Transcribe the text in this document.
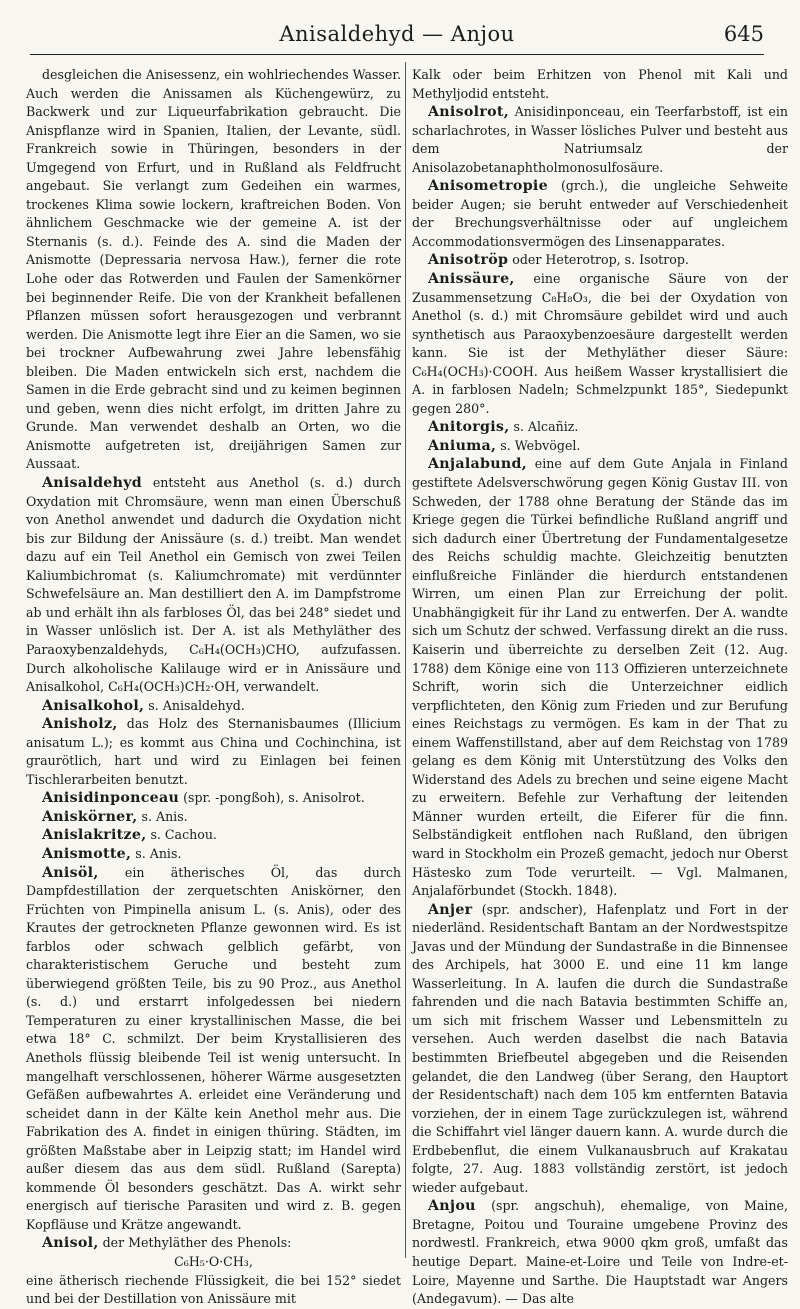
Anisaldehyd — Anjou	645

desgleichen die Anisessenz, ein wohlriechendes Wasser. Auch werden die Anissamen als Küchengewürz, zu Backwerk und zur Liqueurfabrikation gebraucht. Die Anispflanze wird in Spanien, Italien, der Levante, südl. Frankreich sowie in Thüringen, besonders in der Umgegend von Erfurt, und in Rußland als Feldfrucht angebaut. Sie verlangt zum Gedeihen ein warmes, trockenes Klima sowie lockern, kraftreichen Boden. Von ähnlichem Geschmacke wie der gemeine A. ist der Sternanis (s. d.). Feinde des A. sind die Maden der Anismotte (Depressaria nervosa Haw.), ferner die rote Lohe oder das Rotwerden und Faulen der Samenkörner bei beginnender Reife. Die von der Krankheit befallenen Pflanzen müssen sofort herausgezogen und verbrannt werden. Die Anismotte legt ihre Eier an die Samen, wo sie bei trockner Aufbewahrung zwei Jahre lebensfähig bleiben. Die Maden entwickeln sich erst, nachdem die Samen in die Erde gebracht sind und zu keimen beginnen und geben, wenn dies nicht erfolgt, im dritten Jahre zu Grunde. Man verwendet deshalb an Orten, wo die Anismotte aufgetreten ist, dreijährigen Samen zur Aussaat.

Anisaldehyd entsteht aus Anethol (s. d.) durch Oxydation mit Chromsäure, wenn man einen Überschuß von Anethol anwendet und dadurch die Oxydation nicht bis zur Bildung der Anissäure (s. d.) treibt. Man wendet dazu auf ein Teil Anethol ein Gemisch von zwei Teilen Kaliumbichromat (s. Kaliumchromate) mit verdünnter Schwefelsäure an. Man destilliert den A. im Dampfstrome ab und erhält ihn als farbloses Öl, das bei 248° siedet und in Wasser unlöslich ist. Der A. ist als Methyläther des Paraoxybenzaldehyds, C₆H₄(OCH₃)CHO, aufzufassen. Durch alkoholische Kalilauge wird er in Anissäure und Anisalkohol, C₆H₄(OCH₃)CH₂·OH, verwandelt.

Anisalkohol, s. Anisaldehyd.

Anisholz, das Holz des Sternanisbaumes (Illicium anisatum L.); es kommt aus China und Cochinchina, ist graurötlich, hart und wird zu Einlagen bei feinen Tischlerarbeiten benutzt.

Anisidinponceau (spr. -pongßoh), s. Anisolrot.

Aniskörner, s. Anis.

Anislakritze, s. Cachou.

Anismotte, s. Anis.

Anisöl, ein ätherisches Öl, das durch Dampfdestillation der zerquetschten Aniskörner, den Früchten von Pimpinella anisum L. (s. Anis), oder des Krautes der getrockneten Pflanze gewonnen wird. Es ist farblos oder schwach gelblich gefärbt, von charakteristischem Geruche und besteht zum überwiegend größten Teile, bis zu 90 Proz., aus Anethol (s. d.) und erstarrt infolgedessen bei niedern Temperaturen zu einer krystallinischen Masse, die bei etwa 18° C. schmilzt. Der beim Krystallisieren des Anethols flüssig bleibende Teil ist wenig untersucht. In mangelhaft verschlossenen, höherer Wärme ausgesetzten Gefäßen aufbewahrtes A. erleidet eine Veränderung und scheidet dann in der Kälte kein Anethol mehr aus. Die Fabrikation des A. findet in einigen thüring. Städten, im größten Maßstabe aber in Leipzig statt; im Handel wird außer diesem das aus dem südl. Rußland (Sarepta) kommende Öl besonders geschätzt. Das A. wirkt sehr energisch auf tierische Parasiten und wird z. B. gegen Kopfläuse und Krätze angewandt.

Anisol, der Methyläther des Phenols:

C₆H₅·O·CH₃,

eine ätherisch riechende Flüssigkeit, die bei 152° siedet und bei der Destillation von Anissäure mit

Kalk oder beim Erhitzen von Phenol mit Kali und Methyljodid entsteht.

Anisolrot, Anisidinponceau, ein Teerfarbstoff, ist ein scharlachrotes, in Wasser lösliches Pulver und besteht aus dem Natriumsalz der Anisolazobetanaphtholmonosulfosäure.

Anisometropie (grch.), die ungleiche Sehweite beider Augen; sie beruht entweder auf Verschiedenheit der Brechungsverhältnisse oder auf ungleichem Accommodationsvermögen des Linsenapparates.

Anisotröp oder Heterotrop, s. Isotrop.

Anissäure, eine organische Säure von der Zusammensetzung C₈H₈O₃, die bei der Oxydation von Anethol (s. d.) mit Chromsäure gebildet wird und auch synthetisch aus Paraoxybenzoesäure dargestellt werden kann. Sie ist der Methyläther dieser Säure: C₆H₄(OCH₃)·COOH. Aus heißem Wasser krystallisiert die A. in farblosen Nadeln; Schmelzpunkt 185°, Siedepunkt gegen 280°.

Anitorgis, s. Alcañiz.

Aniuma, s. Webvögel.

Anjalabund, eine auf dem Gute Anjala in Finland gestiftete Adelsverschwörung gegen König Gustav III. von Schweden, der 1788 ohne Beratung der Stände das im Kriege gegen die Türkei befindliche Rußland angriff und sich dadurch einer Übertretung der Fundamentalgesetze des Reichs schuldig machte. Gleichzeitig benutzten einflußreiche Finländer die hierdurch entstandenen Wirren, um einen Plan zur Erreichung der polit. Unabhängigkeit für ihr Land zu entwerfen. Der A. wandte sich um Schutz der schwed. Verfassung direkt an die russ. Kaiserin und überreichte zu derselben Zeit (12. Aug. 1788) dem Könige eine von 113 Offizieren unterzeichnete Schrift, worin sich die Unterzeichner eidlich verpflichteten, den König zum Frieden und zur Berufung eines Reichstags zu vermögen. Es kam in der That zu einem Waffenstillstand, aber auf dem Reichstag von 1789 gelang es dem König mit Unterstützung des Volks den Widerstand des Adels zu brechen und seine eigene Macht zu erweitern. Befehle zur Verhaftung der leitenden Männer wurden erteilt, die Eiferer für die finn. Selbständigkeit entflohen nach Rußland, den übrigen ward in Stockholm ein Prozeß gemacht, jedoch nur Oberst Hästesko zum Tode verurteilt. — Vgl. Malmanen, Anjalaförbundet (Stockh. 1848).

Anjer (spr. andscher), Hafenplatz und Fort in der niederländ. Residentschaft Bantam an der Nordwestspitze Javas und der Mündung der Sundastraße in die Binnensee des Archipels, hat 3000 E. und eine 11 km lange Wasserleitung. In A. laufen die durch die Sundastraße fahrenden und die nach Batavia bestimmten Schiffe an, um sich mit frischem Wasser und Lebensmitteln zu versehen. Auch werden daselbst die nach Batavia bestimmten Briefbeutel abgegeben und die Reisenden gelandet, die den Landweg (über Serang, den Hauptort der Residentschaft) nach dem 105 km entfernten Batavia vorziehen, der in einem Tage zurückzulegen ist, während die Schiffahrt viel länger dauern kann. A. wurde durch die Erdbebenflut, die einem Vulkanausbruch auf Krakatau folgte, 27. Aug. 1883 vollständig zerstört, ist jedoch wieder aufgebaut.

Anjou (spr. angschuh), ehemalige, von Maine, Bretagne, Poitou und Touraine umgebene Provinz des nordwestl. Frankreich, etwa 9000 qkm groß, umfaßt das heutige Depart. Maine-et-Loire und Teile von Indre-et-Loire, Mayenne und Sarthe. Die Hauptstadt war Angers (Andegavum). — Das alte
